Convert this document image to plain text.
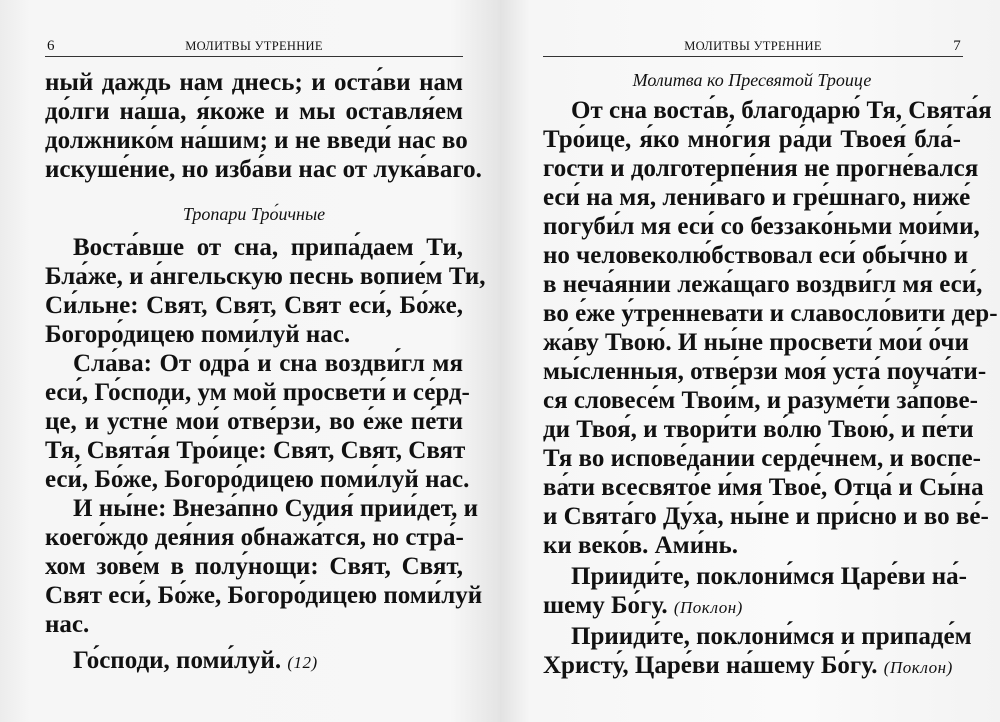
6	МОЛИТВЫ УТРЕННИЕ
ный даждь нам днесь; и оста́ви нам
до́лги на́ша, я́коже и мы оставля́ем
должнико́м на́шим; и не введи́ нас во
искуше́ние, но изба́ви нас от лука́ваго.
Тропари Тро́ичные
Воста́вше от сна, припа́даем Ти,
Бла́же, и а́нгельскую песнь вопие́м Ти,
Си́льне: Свят, Свят, Свят еси́, Бо́же,
Богоро́дицею поми́луй нас.
Сла́ва: От одра́ и сна воздви́гл мя
еси́, Го́споди, ум мой просвети́ и се́рд-
це, и устне́ мои́ отве́рзи, во е́же пе́ти
Тя, Свята́я Тро́ице: Свят, Свят, Свят
еси́, Бо́же, Богоро́дицею поми́луй нас.
И ны́не: Внеза́пно Судия́ прии́дет, и
коего́ждо дея́ния обнажа́тся, но стра́-
хом зове́м в полу́нощи: Свят, Свят,
Свят еси́, Бо́же, Богоро́дицею поми́луй
нас.
Го́споди, поми́луй. (12)
МОЛИТВЫ УТРЕННИЕ	7
Молитва ко Пресвятой Троице
От сна воста́в, благодарю́ Тя, Свята́я
Тро́ице, я́ко мно́гия ра́ди Твоея́ бла́-
гости и долготерпе́ния не прогне́вался
еси́ на мя, лени́ваго и гре́шнаго, ниже́
погуби́л мя еси́ со беззако́ньми мои́ми,
но человеколю́бствовал еси́ обы́чно и
в неча́янии лежа́щаго воздви́гл мя еси́,
во е́же у́тренневати и славосло́вити дер-
жа́ву Твою́. И ны́не просвети́ мои́ о́чи
мы́сленныя, отве́рзи моя́ уста́ поуча́ти-
ся словесе́м Твои́м, и разуме́ти за́пове-
ди Твоя́, и твори́ти во́лю Твою́, и пе́ти
Тя во испове́дании серде́чнем, и воспе-
ва́ти всесвято́е и́мя Твое́, Отца́ и Сы́на
и Свята́го Ду́ха, ны́не и при́сно и во ве́-
ки веко́в. Ами́нь.
Прииди́те, поклони́мся Царе́ви на́-
шему Бо́гу. (Поклон)
Прииди́те, поклони́мся и припаде́м
Христу́, Царе́ви на́шему Бо́гу. (Поклон)
